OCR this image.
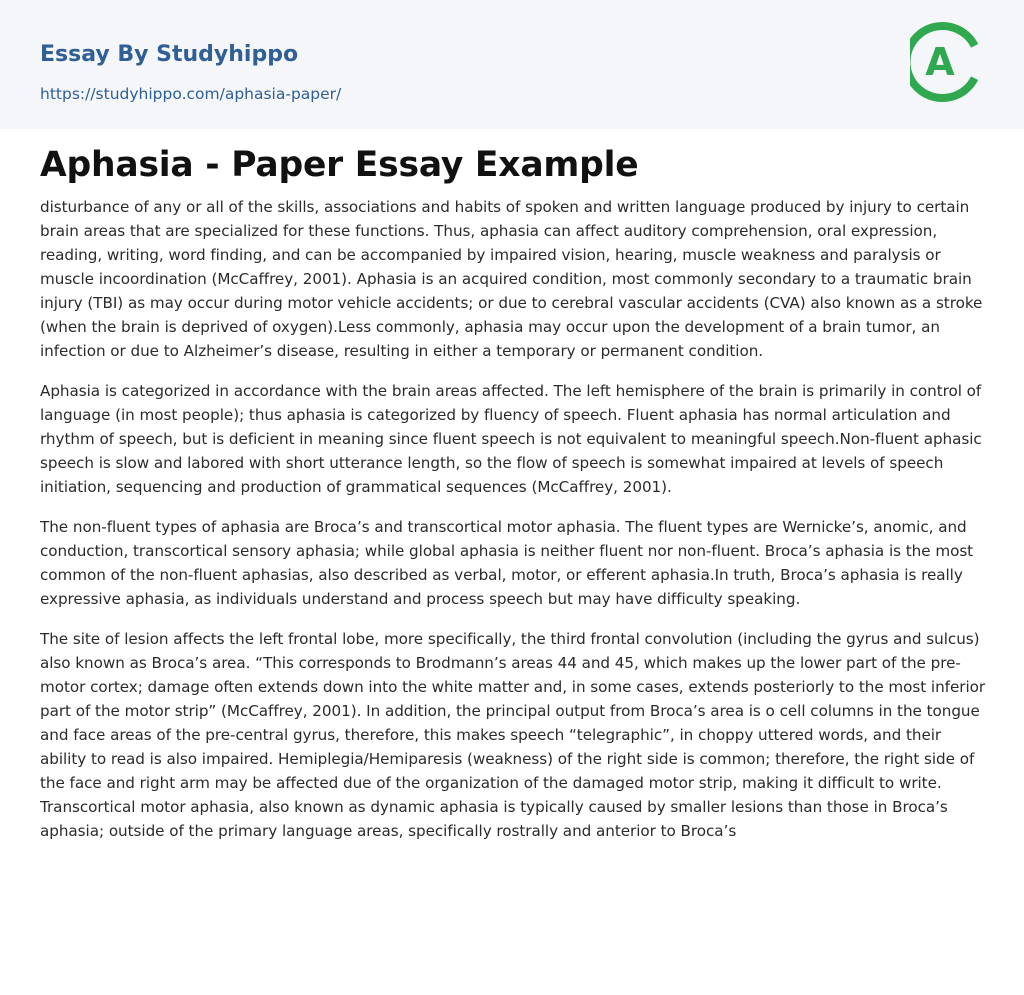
Essay By Studyhippo
https://studyhippo.com/aphasia-paper/
A
Aphasia - Paper Essay Example

disturbance of any or all of the skills, associations and habits of spoken and written language produced by injury to certain brain areas that are specialized for these functions. Thus, aphasia can affect auditory comprehension, oral expression, reading, writing, word finding, and can be accompanied by impaired vision, hearing, muscle weakness and paralysis or muscle incoordination (McCaffrey, 2001). Aphasia is an acquired condition, most commonly secondary to a traumatic brain injury (TBI) as may occur during motor vehicle accidents; or due to cerebral vascular accidents (CVA) also known as a stroke (when the brain is deprived of oxygen).Less commonly, aphasia may occur upon the development of a brain tumor, an infection or due to Alzheimer’s disease, resulting in either a temporary or permanent condition.

Aphasia is categorized in accordance with the brain areas affected. The left hemisphere of the brain is primarily in control of language (in most people); thus aphasia is categorized by fluency of speech. Fluent aphasia has normal articulation and rhythm of speech, but is deficient in meaning since fluent speech is not equivalent to meaningful speech.Non-fluent aphasic speech is slow and labored with short utterance length, so the flow of speech is somewhat impaired at levels of speech initiation, sequencing and production of grammatical sequences (McCaffrey, 2001).

The non-fluent types of aphasia are Broca’s and transcortical motor aphasia. The fluent types are Wernicke’s, anomic, and conduction, transcortical sensory aphasia; while global aphasia is neither fluent nor non-fluent. Broca’s aphasia is the most common of the non-fluent aphasias, also described as verbal, motor, or efferent aphasia.In truth, Broca’s aphasia is really expressive aphasia, as individuals understand and process speech but may have difficulty speaking.

The site of lesion affects the left frontal lobe, more specifically, the third frontal convolution (including the gyrus and sulcus) also known as Broca’s area. “This corresponds to Brodmann’s areas 44 and 45, which makes up the lower part of the pre-motor cortex; damage often extends down into the white matter and, in some cases, extends posteriorly to the most inferior part of the motor strip” (McCaffrey, 2001). In addition, the principal output from Broca’s area is o cell columns in the tongue and face areas of the pre-central gyrus, therefore, this makes speech “telegraphic”, in choppy uttered words, and their ability to read is also impaired. Hemiplegia/Hemiparesis (weakness) of the right side is common; therefore, the right side of the face and right arm may be affected due of the organization of the damaged motor strip, making it difficult to write. Transcortical motor aphasia, also known as dynamic aphasia is typically caused by smaller lesions than those in Broca’s aphasia; outside of the primary language areas, specifically rostrally and anterior to Broca’s
